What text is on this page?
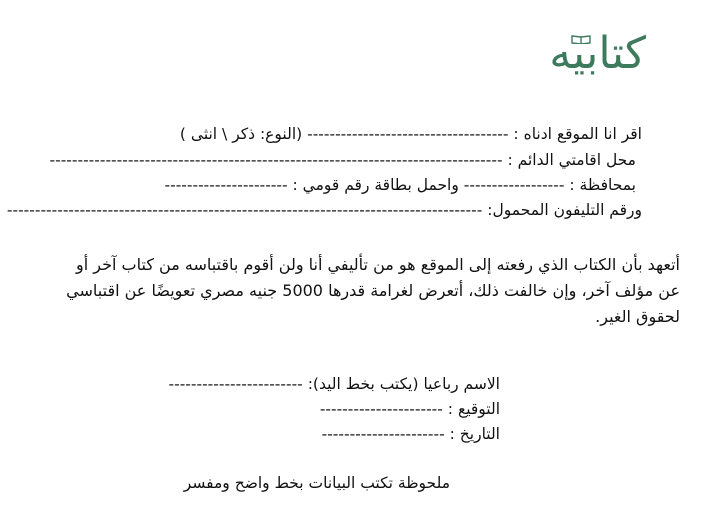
كتابيه
اقر انا الموقع ادناه : ------------------------------------ (النوع: ذكر \ انثى )
محل اقامتي الدائم : ---------------------------------------------------------------------------------
بمحافظة : ------------------ واحمل بطاقة رقم قومي : ----------------------
ورقم التليفون المحمول: -------------------------------------------------------------------------------------
أتعهد بأن الكتاب الذي رفعته إلى الموقع هو من تأليفي أنا ولن أقوم باقتباسه من كتاب آخر أو عن مؤلف آخر، وإن خالفت ذلك، أتعرض لغرامة قدرها 5000 جنيه مصري تعويضًا عن اقتباسي لحقوق الغير.
الاسم رباعيا (يكتب بخط اليد): ------------------------
التوقيع : ----------------------
التاريخ : ----------------------
ملحوظة تكتب البيانات بخط واضح ومفسر
